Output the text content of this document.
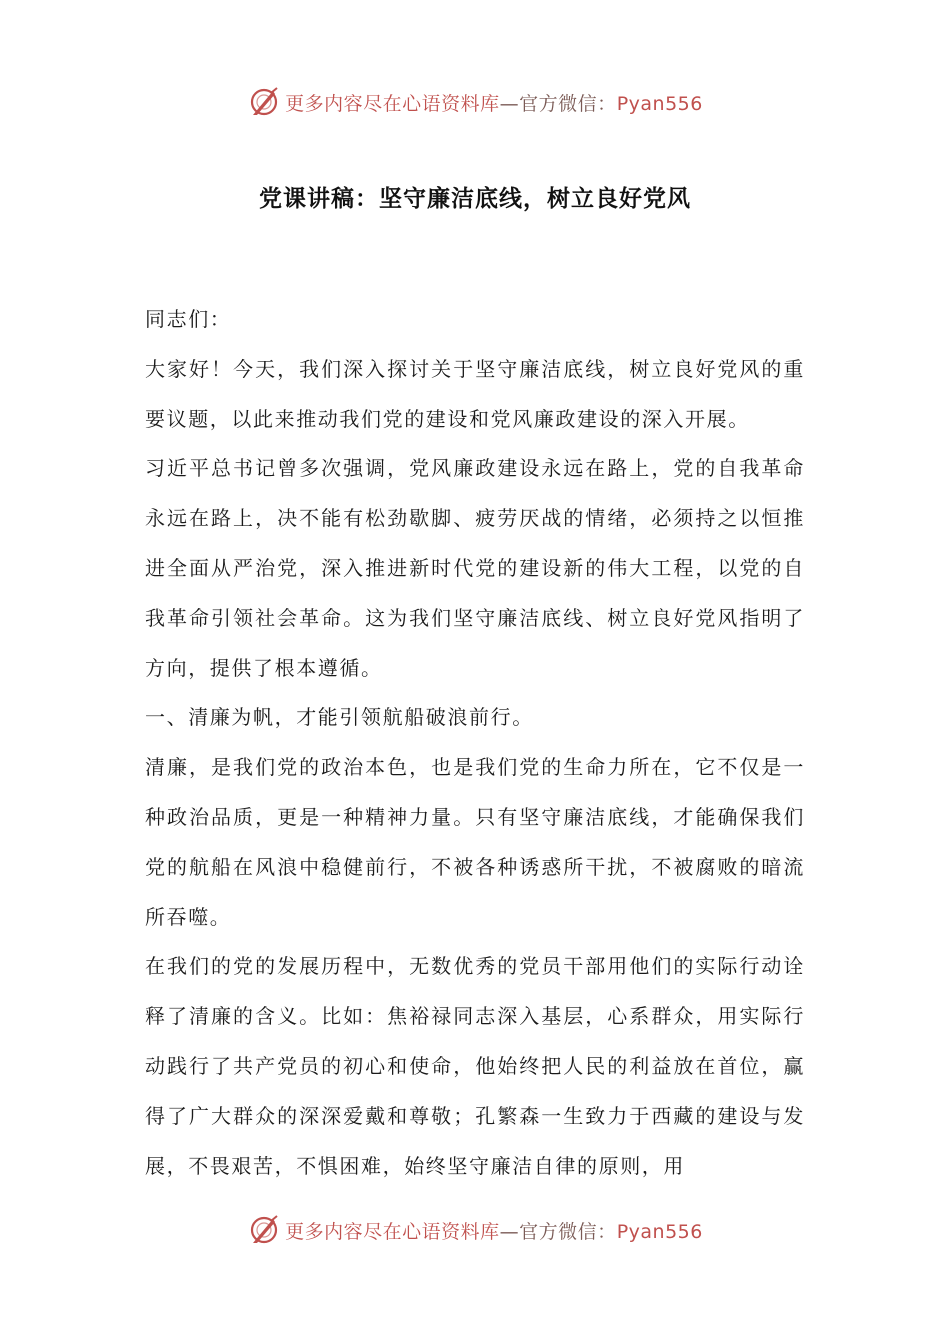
更多内容尽在心语资料库—官方微信：Pyan556
党课讲稿：坚守廉洁底线，树立良好党风

同志们：

大家好！今天，我们深入探讨关于坚守廉洁底线，树立良好党风的重要议题，以此来推动我们党的建设和党风廉政建设的深入开展。

习近平总书记曾多次强调，党风廉政建设永远在路上，党的自我革命永远在路上，决不能有松劲歇脚、疲劳厌战的情绪，必须持之以恒推进全面从严治党，深入推进新时代党的建设新的伟大工程，以党的自我革命引领社会革命。这为我们坚守廉洁底线、树立良好党风指明了方向，提供了根本遵循。

一、清廉为帆，才能引领航船破浪前行。

清廉，是我们党的政治本色，也是我们党的生命力所在，它不仅是一种政治品质，更是一种精神力量。只有坚守廉洁底线，才能确保我们党的航船在风浪中稳健前行，不被各种诱惑所干扰，不被腐败的暗流所吞噬。

在我们的党的发展历程中，无数优秀的党员干部用他们的实际行动诠释了清廉的含义。比如：焦裕禄同志深入基层，心系群众，用实际行动践行了共产党员的初心和使命，他始终把人民的利益放在首位，赢得了广大群众的深深爱戴和尊敬；孔繁森一生致力于西藏的建设与发展，不畏艰苦，不惧困难，始终坚守廉洁自律的原则，用

更多内容尽在心语资料库—官方微信：Pyan556
